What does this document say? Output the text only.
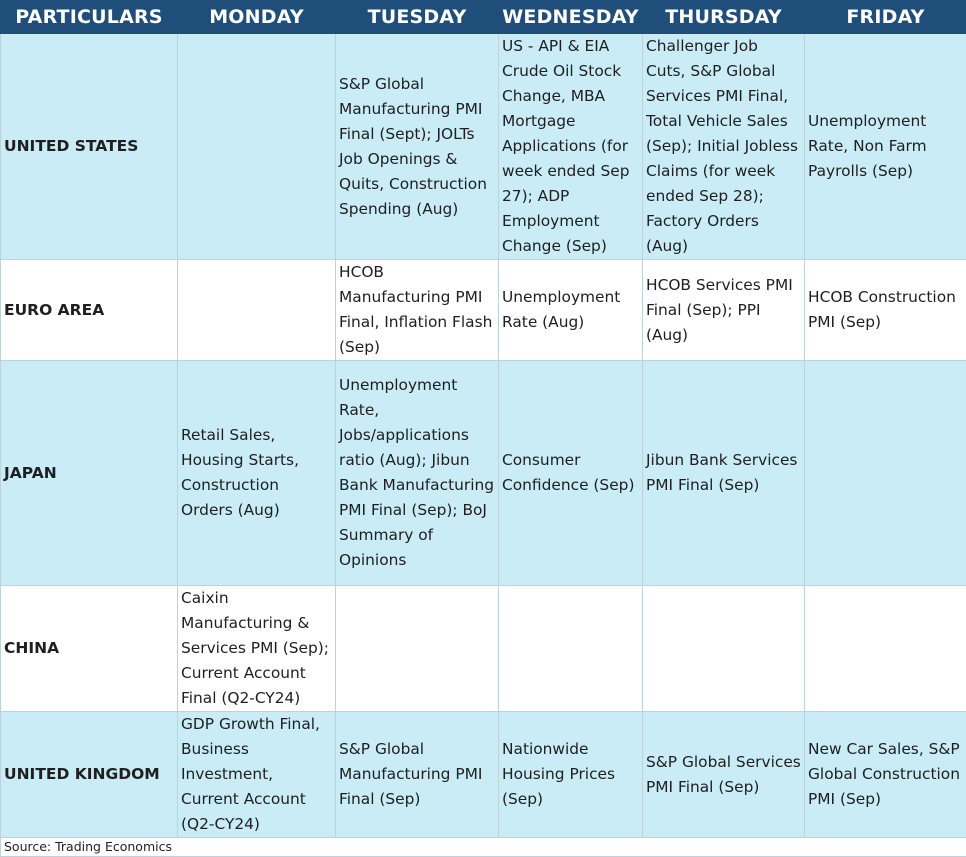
PARTICULARS	MONDAY	TUESDAY	WEDNESDAY	THURSDAY	FRIDAY
UNITED STATES		S&P Global Manufacturing PMI Final (Sept); JOLTs Job Openings & Quits, Construction Spending (Aug)	US - API & EIA Crude Oil Stock Change, MBA Mortgage Applications (for week ended Sep 27); ADP Employment Change (Sep)	Challenger Job Cuts, S&P Global Services PMI Final, Total Vehicle Sales (Sep); Initial Jobless Claims (for week ended Sep 28); Factory Orders (Aug)	Unemployment Rate, Non Farm Payrolls (Sep)
EURO AREA		HCOB Manufacturing PMI Final, Inflation Flash (Sep)	Unemployment Rate (Aug)	HCOB Services PMI Final (Sep); PPI (Aug)	HCOB Construction PMI (Sep)
JAPAN	Retail Sales, Housing Starts, Construction Orders (Aug)	Unemployment Rate, Jobs/applications ratio (Aug); Jibun Bank Manufacturing PMI Final (Sep); BoJ Summary of Opinions	Consumer Confidence (Sep)	Jibun Bank Services PMI Final (Sep)	
CHINA	Caixin Manufacturing & Services PMI (Sep); Current Account Final (Q2-CY24)				
UNITED KINGDOM	GDP Growth Final, Business Investment, Current Account (Q2-CY24)	S&P Global Manufacturing PMI Final (Sep)	Nationwide Housing Prices (Sep)	S&P Global Services PMI Final (Sep)	New Car Sales, S&P Global Construction PMI (Sep)
Source: Trading Economics					
